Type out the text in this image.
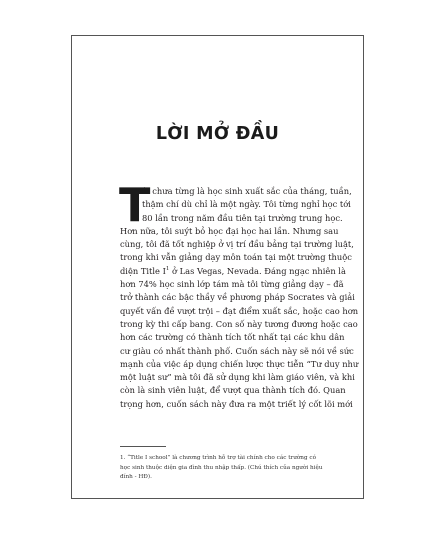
LỜI MỞ ĐẦU
T
ôi chưa từng là học sinh xuất sắc của tháng, tuần,
thậm chí dù chỉ là một ngày. Tôi từng nghỉ học tới
80 lần trong năm đầu tiên tại trường trung học.
Hơn nữa, tôi suýt bỏ học đại học hai lần. Nhưng sau
cùng, tôi đã tốt nghiệp ở vị trí đầu bảng tại trường luật,
trong khi vẫn giảng dạy môn toán tại một trường thuộc
diện Title $I^1$ ở Las Vegas, Nevada. Đáng ngạc nhiên là
hơn 74% học sinh lớp tám mà tôi từng giảng dạy – đã
trở thành các bậc thầy về phương pháp Socrates và giải
quyết vấn đề vượt trội – đạt điểm xuất sắc, hoặc cao hơn
trong kỳ thi cấp bang. Con số này tương đương hoặc cao
hơn các trường có thành tích tốt nhất tại các khu dân
cư giàu có nhất thành phố. Cuốn sách này sẽ nói về sức
mạnh của việc áp dụng chiến lược thực tiễn “Tư duy như
một luật sư” mà tôi đã sử dụng khi làm giáo viên, và khi
còn là sinh viên luật, để vượt qua thành tích đó. Quan
trọng hơn, cuốn sách này đưa ra một triết lý cốt lõi mới
1. “Title I school” là chương trình hỗ trợ tài chính cho các trường có
học sinh thuộc diện gia đình thu nhập thấp. (Chú thích của người hiệu
đính - HĐ).
